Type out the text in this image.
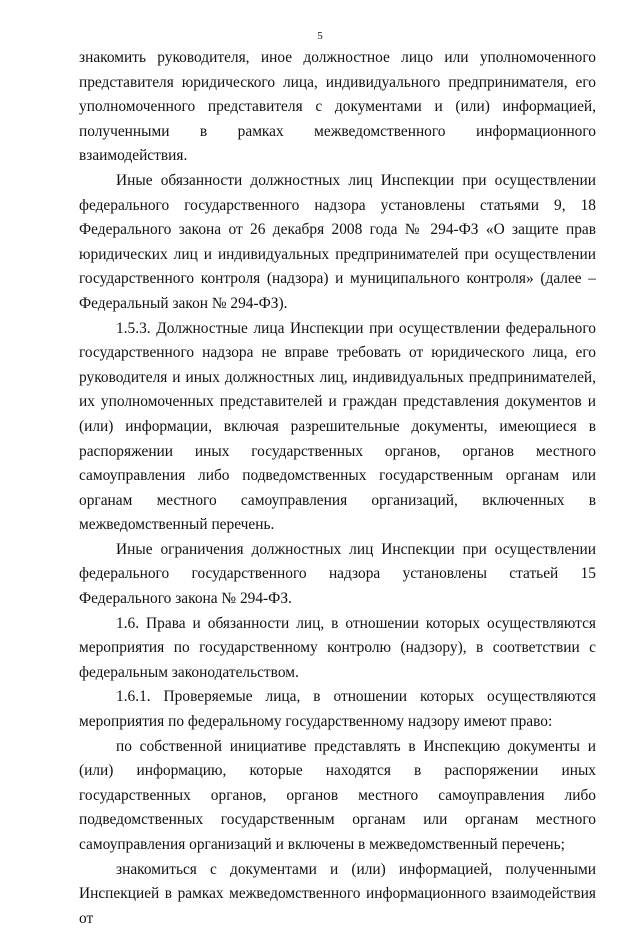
5

знакомить руководителя, иное должностное лицо или уполномоченного представителя юридического лица, индивидуального предпринимателя, его уполномоченного представителя с документами и (или) информацией, полученными в рамках межведомственного информационного взаимодействия.

Иные обязанности должностных лиц Инспекции при осуществлении федерального государственного надзора установлены статьями 9, 18 Федерального закона от 26 декабря 2008 года № 294-ФЗ «О защите прав юридических лиц и индивидуальных предпринимателей при осуществлении государственного контроля (надзора) и муниципального контроля» (далее – Федеральный закон № 294-ФЗ).

1.5.3. Должностные лица Инспекции при осуществлении федерального государственного надзора не вправе требовать от юридического лица, его руководителя и иных должностных лиц, индивидуальных предпринимателей, их уполномоченных представителей и граждан представления документов и (или) информации, включая разрешительные документы, имеющиеся в распоряжении иных государственных органов, органов местного самоуправления либо подведомственных государственным органам или органам местного самоуправления организаций, включенных в межведомственный перечень.

Иные ограничения должностных лиц Инспекции при осуществлении федерального государственного надзора установлены статьей 15 Федерального закона № 294-ФЗ.

1.6. Права и обязанности лиц, в отношении которых осуществляются мероприятия по государственному контролю (надзору), в соответствии с федеральным законодательством.

1.6.1. Проверяемые лица, в отношении которых осуществляются мероприятия по федеральному государственному надзору имеют право:

по собственной инициативе представлять в Инспекцию документы и (или) информацию, которые находятся в распоряжении иных государственных органов, органов местного самоуправления либо подведомственных государственным органам или органам местного самоуправления организаций и включены в межведомственный перечень;

знакомиться с документами и (или) информацией, полученными Инспекцией в рамках межведомственного информационного взаимодействия от
